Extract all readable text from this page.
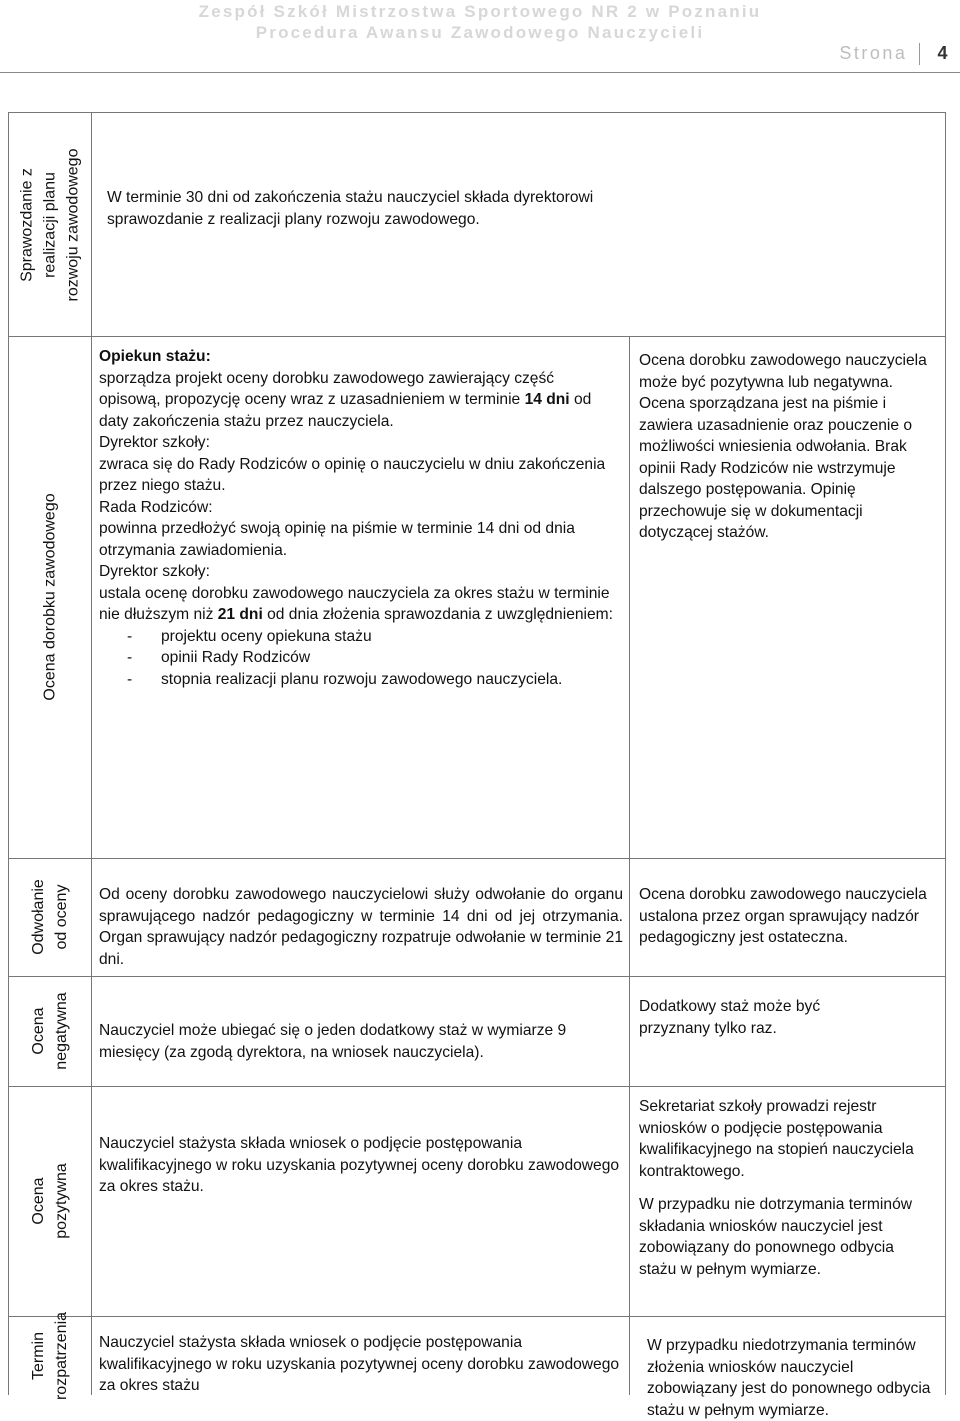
Zespół Szkół Mistrzostwa Sportowego NR 2 w Poznaniu
Procedura Awansu Zawodowego Nauczycieli
Strona 4
Sprawozdanie z realizacji planu rozwoju zawodowego W terminie 30 dni od zakończenia stażu nauczyciel składa dyrektorowi sprawozdanie z realizacji plany rozwoju zawodowego.
Ocena dorobku zawodowego

Opiekun stażu:

sporządza projekt oceny dorobku zawodowego zawierający część opisową, propozycję oceny wraz z uzasadnieniem w terminie 14 dni od daty zakończenia stażu przez nauczyciela.

Dyrektor szkoły:

zwraca się do Rady Rodziców o opinię o nauczycielu w dniu zakończenia

przez niego stażu.

Rada Rodziców:

powinna przedłożyć swoją opinię na piśmie w terminie 14 dni od dnia otrzymania zawiadomienia.

Dyrektor szkoły:

ustala ocenę dorobku zawodowego nauczyciela za okres stażu w terminie nie dłuższym niż 21 dni od dnia złożenia sprawozdania z uwzględnieniem:

- projektu oceny opiekuna stażu
- opinii Rady Rodziców
- stopnia realizacji planu rozwoju zawodowego nauczyciela.
Ocena dorobku zawodowego nauczyciela może być pozytywna lub negatywna. Ocena sporządzana jest na piśmie i zawiera uzasadnienie oraz pouczenie o możliwości wniesienia odwołania. Brak opinii Rady Rodziców nie wstrzymuje dalszego postępowania. Opinię przechowuje się w dokumentacji dotyczącej stażów.
Odwołanie od oceny Od oceny dorobku zawodowego nauczycielowi służy odwołanie do organu sprawującego nadzór pedagogiczny w terminie 14 dni od jej otrzymania. Organ sprawujący nadzór pedagogiczny rozpatruje odwołanie w terminie 21 dni.
Ocena dorobku zawodowego nauczyciela ustalona przez organ sprawujący nadzór pedagogiczny jest ostateczna.
Ocena negatywna Nauczyciel może ubiegać się o jeden dodatkowy staż w wymiarze 9 miesięcy (za zgodą dyrektora, na wniosek nauczyciela).
Dodatkowy staż może być przyznany tylko raz.
Ocena pozytywna
Nauczyciel stażysta składa wniosek o podjęcie postępowania kwalifikacyjnego w roku uzyskania pozytywnej oceny dorobku zawodowego za okres stażu.

Sekretariat szkoły prowadzi rejestr wniosków o podjęcie postępowania kwalifikacyjnego na stopień nauczyciela kontraktowego.

W przypadku nie dotrzymania terminów składania wniosków nauczyciel jest zobowiązany do ponownego odbycia stażu w pełnym wymiarze.

Termin rozpatrzenia Nauczyciel stażysta składa wniosek o podjęcie postępowania kwalifikacyjnego w roku uzyskania pozytywnej oceny dorobku zawodowego za okres stażu
W przypadku niedotrzymania terminów złożenia wniosków nauczyciel zobowiązany jest do ponownego odbycia stażu w pełnym wymiarze.
